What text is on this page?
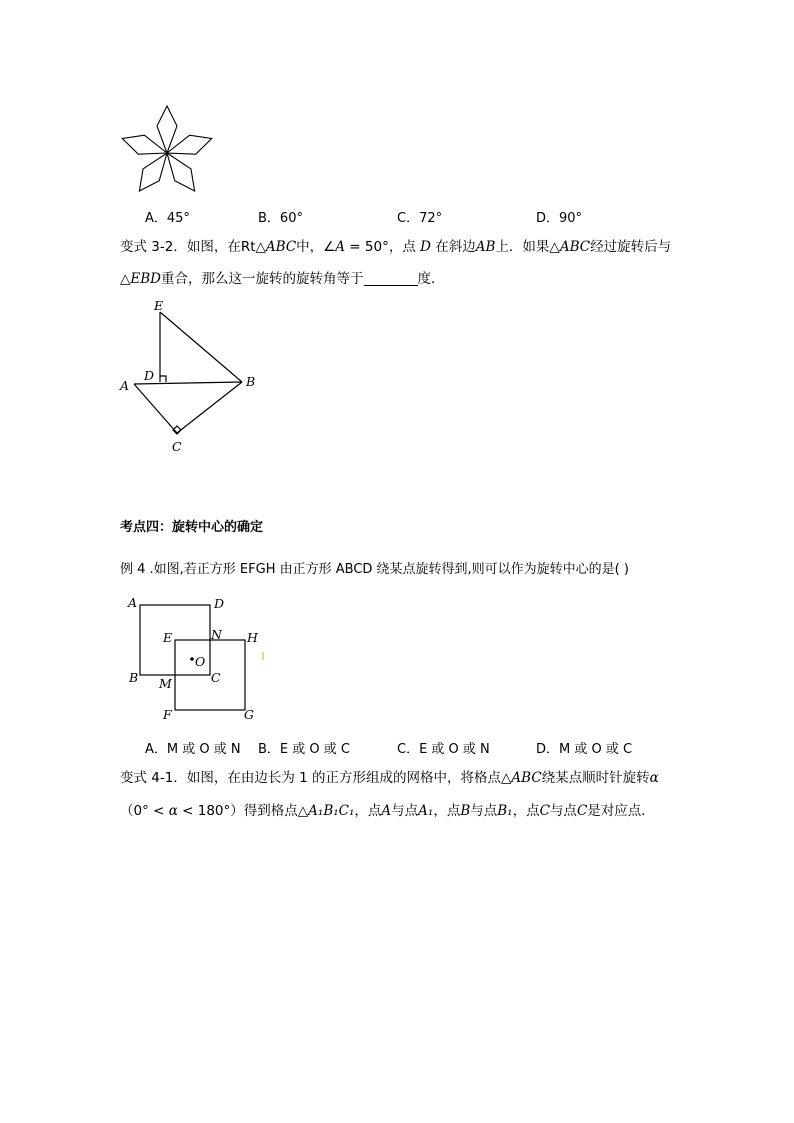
A．45°	B．60°	C．72°	D．90°
变式 3-2．如图，在Rt△ABC中，∠A = 50°，点 D 在斜边AB上．如果△ABC经过旋转后与
△EBD重合，那么这一旋转的旋转角等于	度．
E
D
A	B
C
考点四：旋转中心的确定
例 4 .如图,若正方形 EFGH 由正方形 ABCD 绕某点旋转得到,则可以作为旋转中心的是( )
A	D
E	N H
O
B M	C
F	G
A．M 或 O 或 N B．E 或 O 或 C	C．E 或 O 或 N	D．M 或 O 或 C
变式 4-1．如图，在由边长为 1 的正方形组成的网格中，将格点△ABC绕某点顺时针旋转α
（0° < α < 180°）得到格点△A₁B₁C₁，点A与点A₁，点B与点B₁，点C与点C是对应点．
